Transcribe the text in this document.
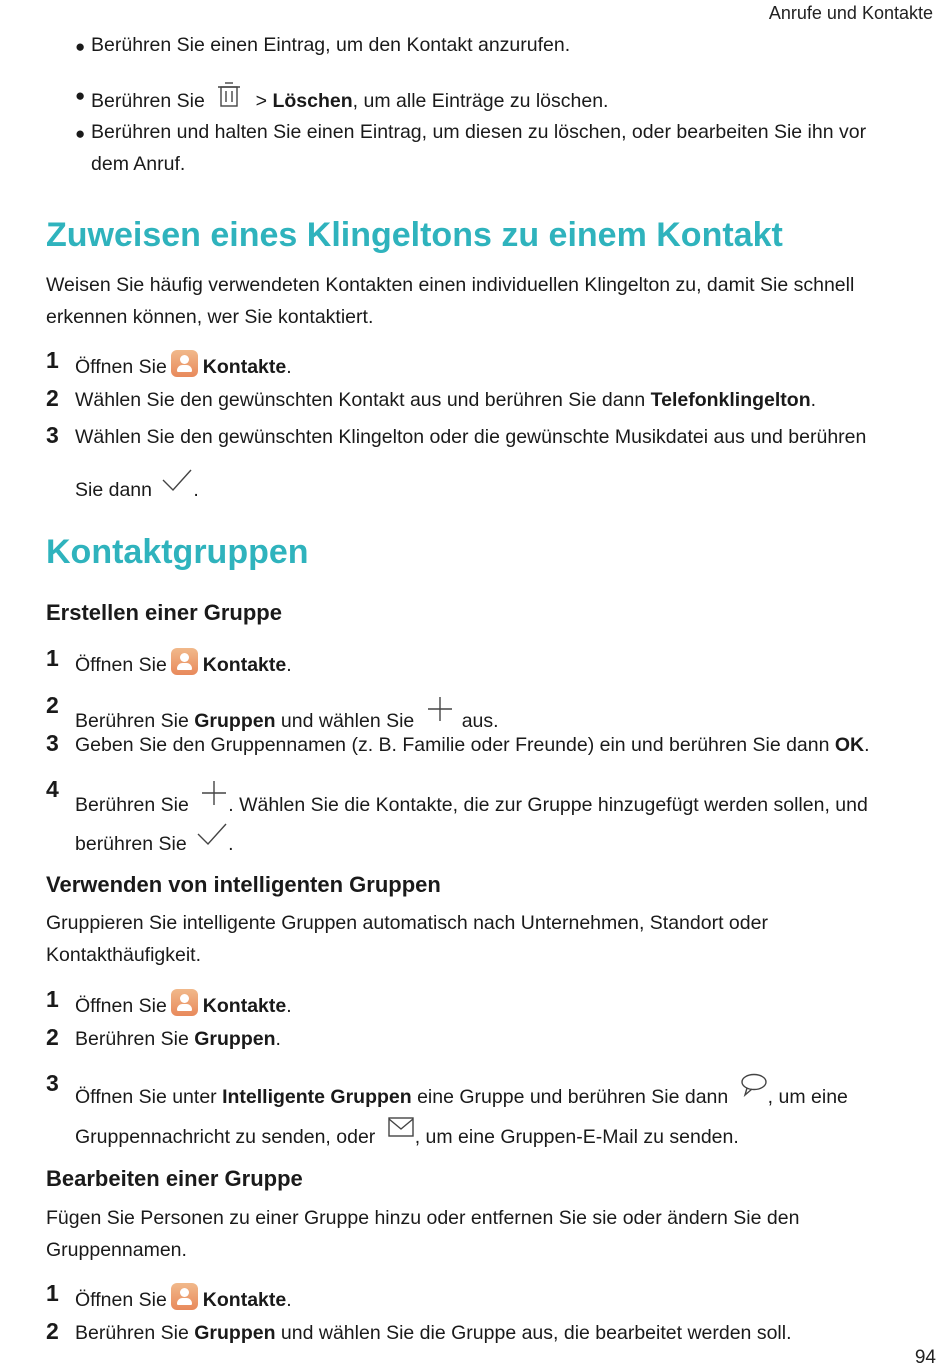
Anrufe und Kontakte
● Berühren Sie einen Eintrag, um den Kontakt anzurufen.
● Berühren Sie  > Löschen, um alle Einträge zu löschen.
● Berühren und halten Sie einen Eintrag, um diesen zu löschen, oder bearbeiten Sie ihn vor
dem Anruf.
Zuweisen eines Klingeltons zu einem Kontakt
Weisen Sie häufig verwendeten Kontakten einen individuellen Klingelton zu, damit Sie schnell
erkennen können, wer Sie kontaktiert.
1 Öffnen Sie Kontakte.
2 Wählen Sie den gewünschten Kontakt aus und berühren Sie dann Telefonklingelton.
3 Wählen Sie den gewünschten Klingelton oder die gewünschte Musikdatei aus und berühren
Sie dann .
Kontaktgruppen
Erstellen einer Gruppe
1 Öffnen Sie Kontakte.
2
Berühren Sie Gruppen und wählen Sie aus.
3 Geben Sie den Gruppennamen (z. B. Familie oder Freunde) ein und berühren Sie dann OK.
4
Berühren Sie . Wählen Sie die Kontakte, die zur Gruppe hinzugefügt werden sollen, und
berühren Sie .
Verwenden von intelligenten Gruppen
Gruppieren Sie intelligente Gruppen automatisch nach Unternehmen, Standort oder
Kontakthäufigkeit.
1 Öffnen Sie Kontakte.
2 Berühren Sie Gruppen.
3
Öffnen Sie unter Intelligente Gruppen eine Gruppe und berühren Sie dann , um eine
Gruppennachricht zu senden, oder , um eine Gruppen-E-Mail zu senden.
Bearbeiten einer Gruppe
Fügen Sie Personen zu einer Gruppe hinzu oder entfernen Sie sie oder ändern Sie den
Gruppennamen.
1 Öffnen Sie Kontakte.
2 Berühren Sie Gruppen und wählen Sie die Gruppe aus, die bearbeitet werden soll.
94
